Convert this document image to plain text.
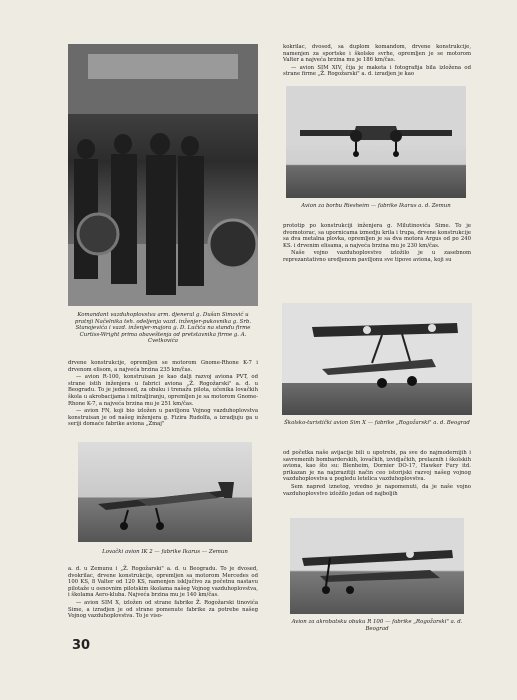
Komandant vazduhoplovstva arm. djeneral g. Dušan Simović u pratnji Načelnika teh. odeljenja vazd. inženjer-pukovnika g. Srb. Stanojevića i vazd. inženjer-majora g. D. Lučića na standu firme Curtiss-Wright prima obaveštenja od pretstavnika firme g. A. Cvetkovića

drvene konstrukcije, opremljen se motorom Gnome-Rhone K-7 i drvenom elisom, a najveća brzina 235 km/čas.

— avion R-100, konstruisan je kao dalji razvoj aviona PVT, od strane istih inženjera u fabrici aviona „Ž. Rogožarski" a. d. u Beogradu. To je jednosed, za obuku i trenažu pilota, učenika lovačkih škola u akrobacijama i mitraljiranju, opremljen je sa motorom Gnome-Rhone K-7, a najveća brzina mu je 251 km/čas.

— avion FN, koji bio izložen u paviljonu Vojnog vazduhoplovstva konstruisan je od našeg inženjera g. Fizira Rudolfa, a izradjuju ga u seriji domaće fabrike aviona „Zmaj"

Lovački avion IK 2 — fabrike Ikarus — Zemun

a. d. u Zemunu i „Ž. Rogožarski" a. d. u Beogradu. To je dvosed, dvokrilac, drvene konstrukcije, opremljen sa motorom Mercedes od 100 KS, 8 Valter od 120 KS, namenjen isključivo za početnu nastavu pilotaže u osnovnim pilotskim školama našeg Vojnog vazduhoplovstva, i školama Aero-kluba. Najveća brzina mu je 140 km/čas.

— avion SIM X, izložen od strane fabrike Ž. Rogožarski tinovića Sime, a izradjen je od strane pomenute fabrike za potrebe našeg Vojnog vazduhoplovstva. To je viso-

30

kokrilac, dvosed, sa duplom komandom, drvene konstrukcije, namenjen za sportske i školske svrhe, opremljen je se motorom Valter a najveća brzina mu je 186 km/čas.

— avion SIM XIV, čija je maketa i fotografija bila izložena od strane firme „Ž. Rogožarski" a. d. izradjen je kao

Avion za borbu Riesheim — fabrike Ikarus a. d. Zemun

prototip po konstrukciji inženjera g. Milutinovića Sime. To je dvomotorac, sa upornicama izmedju krila i trupa, drvene konstrukcije sa dva metalna plovka, opremljen je sa dva motora Argus od po 240 KS. i drvenim elisama, a najveća brzina mu je 230 km/čas.

Naše vojno vazduhoplovstvo izložilo je u zasebnom reprezantativno uredjenom paviljonu sve tipove aviona, koji su

Školsko-turistički avion Sim X — fabrike „Rogožarski" a. d. Beograd

od početka naše avijacije bili u upotrebi, pa sve do najmodernijih i savremenih bombarderskih, lovačkih, izvidjačkih, prelaznih i školskih aviona, kao što su: Blenheim, Dornier DO-17, Hawker Fury itd. prikazan je na najzrazitiji način ceo istorijski razvoj našeg vojnog vazduhoplovstva u pogledu letelica vazduhoplovstva.

Sem napred iznetog, vredno je napomenuti, da je naše vojno vazduhoplovstvo izložilo jedan od najboljih

Avion za akrobatsku obuku R 100 — fabrike „Rogožarski" a. d. Beograd
